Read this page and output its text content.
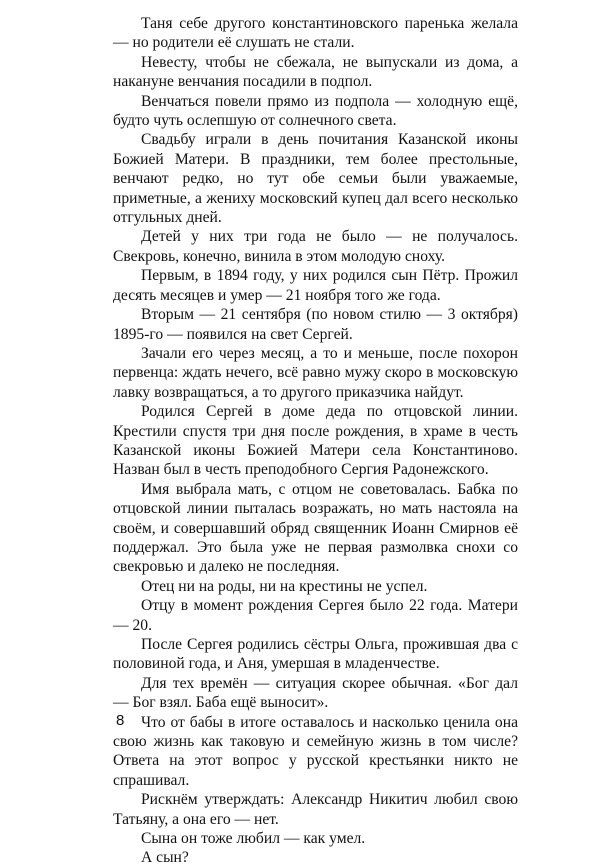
Таня себе другого константиновского паренька желала — но родители её слушать не стали.

Невесту, чтобы не сбежала, не выпускали из дома, а накануне венчания посадили в подпол.

Венчаться повели прямо из подпола — холодную ещё, будто чуть ослепшую от солнечного света.

Свадьбу играли в день почитания Казанской иконы Божией Матери. В праздники, тем более престольные, венчают редко, но тут обе семьи были уважаемые, приметные, а жениху московский купец дал всего несколько отгульных дней.

Детей у них три года не было — не получалось. Свекровь, конечно, винила в этом молодую сноху.

Первым, в 1894 году, у них родился сын Пётр. Прожил десять месяцев и умер — 21 ноября того же года.

Вторым — 21 сентября (по новом стилю — 3 октября) 1895-го — появился на свет Сергей.

Зачали его через месяц, а то и меньше, после похорон первенца: ждать нечего, всё равно мужу скоро в московскую лавку возвращаться, а то другого приказчика найдут.

Родился Сергей в доме деда по отцовской линии. Крестили спустя три дня после рождения, в храме в честь Казанской иконы Божией Матери села Константиново. Назван был в честь преподобного Сергия Радонежского.

Имя выбрала мать, с отцом не советовалась. Бабка по отцовской линии пыталась возражать, но мать настояла на своём, и совершавший обряд священник Иоанн Смирнов её поддержал. Это была уже не первая размолвка снохи со свекровью и далеко не последняя.

Отец ни на роды, ни на крестины не успел.

Отцу в момент рождения Сергея было 22 года. Матери — 20.

После Сергея родились сёстры Ольга, прожившая два с половиной года, и Аня, умершая в младенчестве.

Для тех времён — ситуация скорее обычная. «Бог дал — Бог взял. Баба ещё выносит».

Что от бабы в итоге оставалось и насколько ценила она свою жизнь как таковую и семейную жизнь в том числе? Ответа на этот вопрос у русской крестьянки никто не спрашивал.

Рискнём утверждать: Александр Никитич любил свою Татьяну, а она его — нет.

Сына он тоже любил — как умел.

А сын?

8
